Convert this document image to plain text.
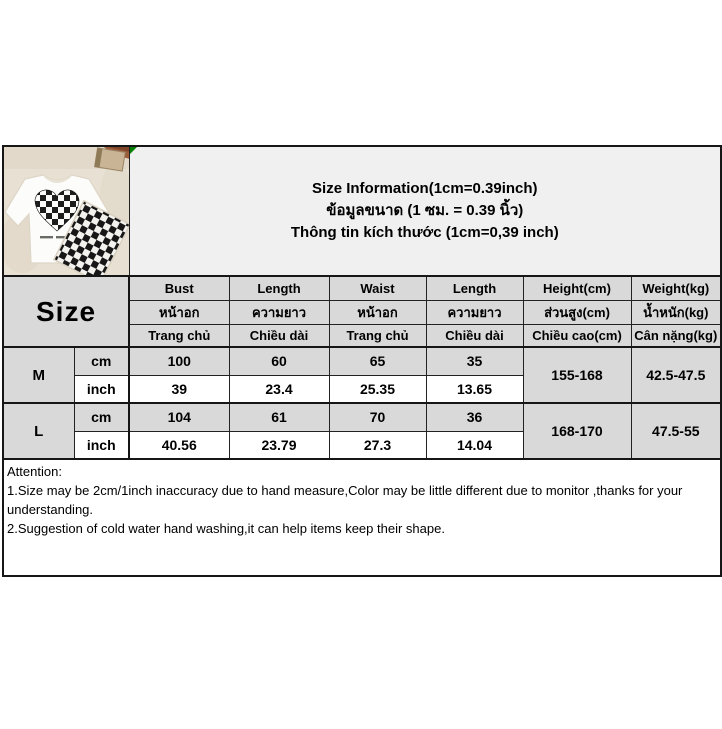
Size Information(1cm=0.39inch)
ข้อมูลขนาด (1 ซม. = 0.39 นิ้ว)
Thông tin kích thước (1cm=0,39 inch)					

Size		Bust	Length	Waist	Length	Height(cm)	Weight(kg)
		หน้าอก	ความยาว	หน้าอก	ความยาว	ส่วนสูง(cm)	น้ำหนัก(kg)
		Trang chủ	Chiều dài	Trang chủ	Chiều dài	Chiều cao(cm)	Cân nặng(kg)
M	cm	100	60	65	35	155-168	42.5-47.5
	inch	39	23.4	25.35	13.65		
L	cm	104	61	70	36	168-170	47.5-55
	inch	40.56	23.79	27.3	14.04		

Attention:
1.Size may be 2cm/1inch inaccuracy due to hand measure,Color may be little different due to monitor ,thanks for your understanding.
2.Suggestion of cold water hand washing,it can help items keep their shape.							
